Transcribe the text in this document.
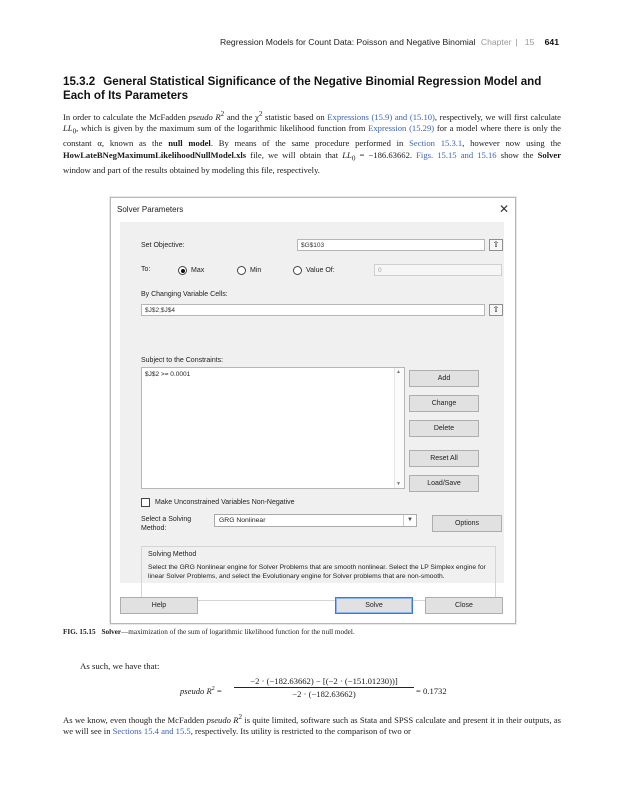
Regression Models for Count Data: Poisson and Negative Binomial Chapter | 15 641
15.3.2 General Statistical Significance of the Negative Binomial Regression Model and Each of Its Parameters
In order to calculate the McFadden pseudo $R^2$ and the $\chi^2$ statistic based on Expressions (15.9) and (15.10), respectively, we will first calculate $LL_0$, which is given by the maximum sum of the logarithmic likelihood function from Expression (15.29) for a model where there is only the constant α, known as the null model. By means of the same procedure performed in Section 15.3.1, however now using the HowLateBNegMaximumLikelihoodNullModel.xls file, we will obtain that $LL_0 = -186.63662$. Figs. 15.15 and 15.16 show the Solver window and part of the results obtained by modeling this file, respectively.
Solver Parameters	✕
Set Objective:	$G$103	⇧
To:	Max	Min	Value Of:	0
By Changing Variable Cells:
$J$2;$J$4	⇧
Subject to the Constraints:
$J$2 >= 0.0001	▲
▼
Add
Change
Delete
Reset All
Load/Save
Make Unconstrained Variables Non-Negative
Select a Solving Method:
GRG Nonlinear	▼	Options
Solving Method
Select the GRG Nonlinear engine for Solver Problems that are smooth nonlinear. Select the LP Simplex engine for linear Solver Problems, and select the Evolutionary engine for Solver problems that are non-smooth.
Help	Solve	Close
FIG. 15.15 Solver—maximization of the sum of logarithmic likelihood function for the null model.
As such, we have that:
pseudo $R^2 = \frac{-2 \cdot (-182.63662) - [(-2 \cdot (-151.01230))]}{-2 \cdot (-182.63662)} = 0.1732$
As we know, even though the McFadden pseudo $R^2$ is quite limited, software such as Stata and SPSS calculate and present it in their outputs, as we will see in Sections 15.4 and 15.5, respectively. Its utility is restricted to the comparison of two or
